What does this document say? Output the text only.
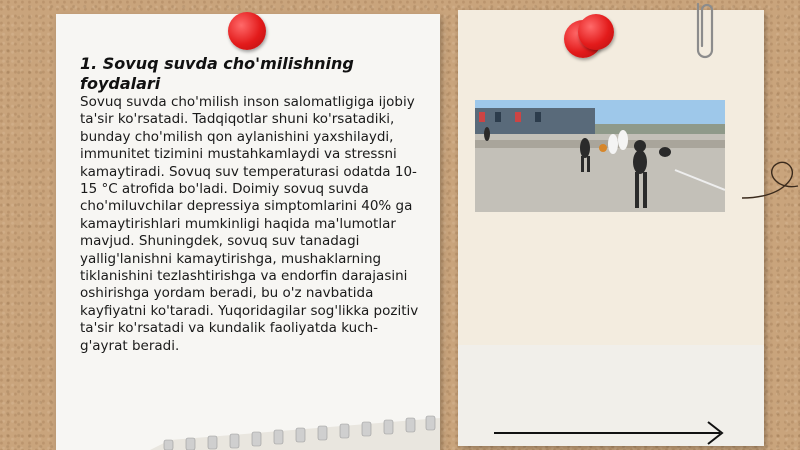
1. Sovuq suvda cho'milishning foydalari

Sovuq suvda cho'milish inson salomatligiga ijobiy ta'sir ko'rsatadi. Tadqiqotlar shuni ko'rsatadiki, bunday cho'milish qon aylanishini yaxshilaydi, immunitet tizimini mustahkamlaydi va stressni kamaytiradi. Sovuq suv temperaturasi odatda 10-15 °C atrofida bo'ladi. Doimiy sovuq suvda cho'miluvchilar depressiya simptomlarini 40% ga kamaytirishlari mumkinligi haqida ma'lumotlar mavjud. Shuningdek, sovuq suv tanadagi yallig'lanishni kamaytirishga, mushaklarning tiklanishini tezlashtirishga va endorfin darajasini oshirishga yordam beradi, bu o'z navbatida kayfiyatni ko'taradi. Yuqoridagilar sog'likka pozitiv ta'sir ko'rsatadi va kundalik faoliyatda kuch-g'ayrat beradi.
